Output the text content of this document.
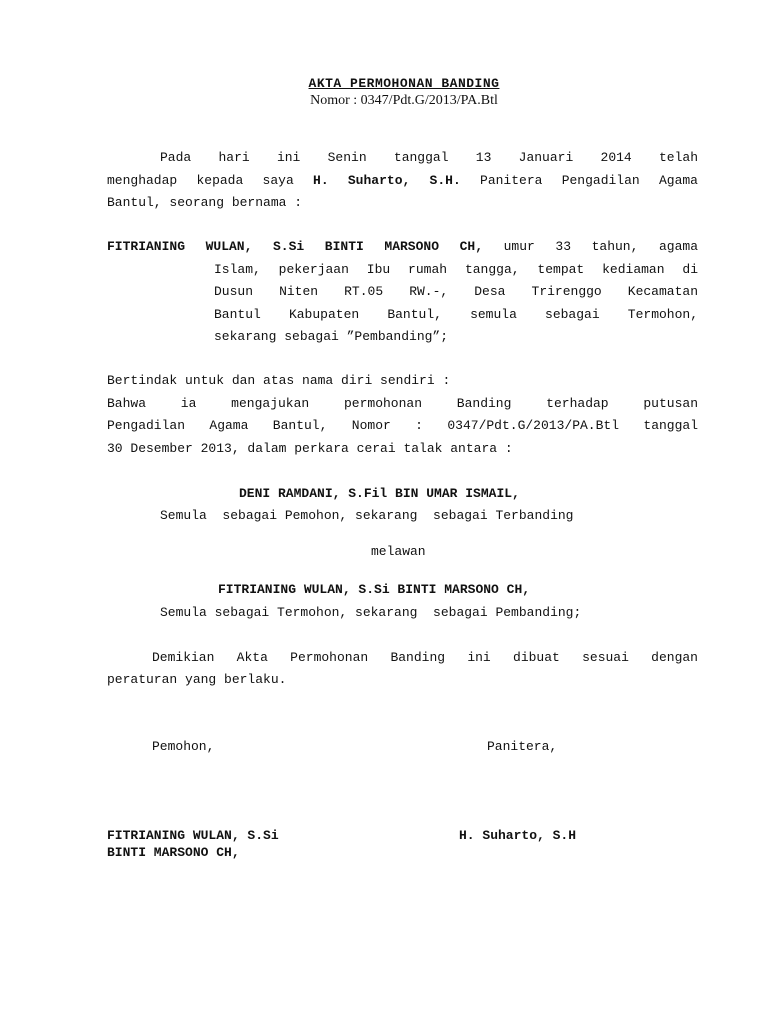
AKTA PERMOHONAN BANDING
Nomor : 0347/Pdt.G/2013/PA.Btl
Pada hari ini Senin tanggal 13 Januari 2014 telah
menghadap kepada saya H. Suharto, S.H. Panitera Pengadilan Agama
Bantul, seorang bernama :
FITRIANING WULAN, S.Si BINTI MARSONO CH, umur 33 tahun, agama
Islam, pekerjaan Ibu rumah tangga, tempat kediaman di
Dusun Niten RT.05 RW.-, Desa Trirenggo Kecamatan
Bantul Kabupaten Bantul, semula sebagai Termohon,
sekarang sebagai ”Pembanding”;
Bertindak untuk dan atas nama diri sendiri :
Bahwa ia mengajukan permohonan Banding terhadap putusan
Pengadilan Agama Bantul, Nomor : 0347/Pdt.G/2013/PA.Btl tanggal
30 Desember 2013, dalam perkara cerai talak antara :
DENI RAMDANI, S.Fil BIN UMAR ISMAIL,
Semula  sebagai Pemohon, sekarang  sebagai Terbanding
melawan
FITRIANING WULAN, S.Si BINTI MARSONO CH,
Semula sebagai Termohon, sekarang  sebagai Pembanding;
Demikian Akta Permohonan Banding ini dibuat sesuai dengan
peraturan yang berlaku.
Pemohon,	Panitera,
FITRIANING WULAN, S.Si
BINTI MARSONO CH,
H. Suharto, S.H
